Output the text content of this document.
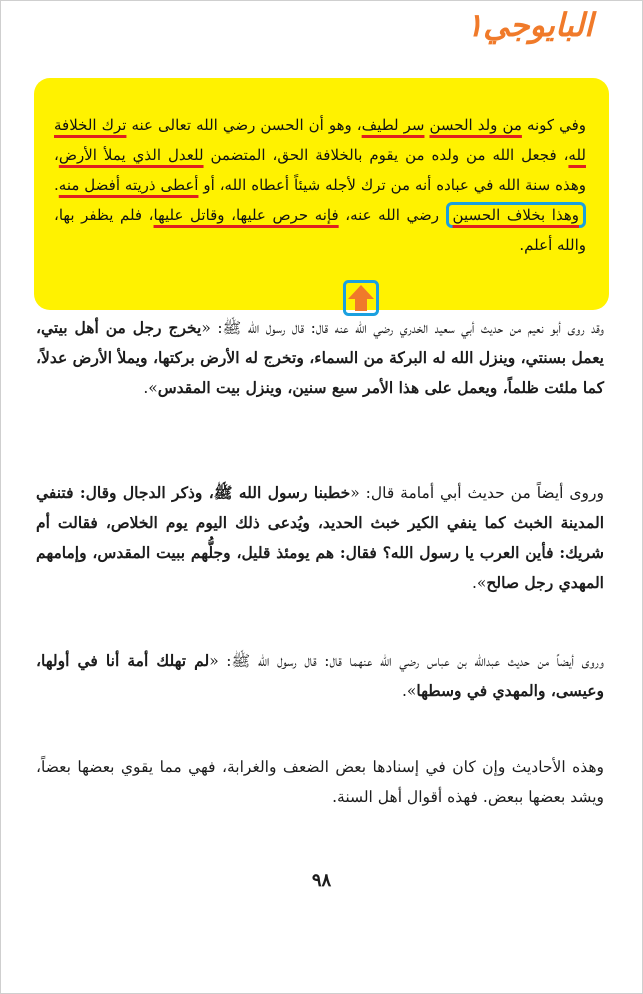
البايوجي١
وفي كونه من ولد الحسن سر لطيف، وهو أن الحسن رضي الله تعالى عنه ترك الخلافة لله، فجعل الله من ولده من يقوم بالخلافة الحق، المتضمن للعدل الذي يملأ الأرض، وهذه سنة الله في عباده أنه من ترك لأجله شيئاً أعطاه الله، أو أعطى ذريته أفضل منه. وهذا بخلاف الحسين رضي الله عنه، فإنه حرص عليها، وقاتل عليها، فلم يظفر بها، والله أعلم.
وقد روى أبو نعيم من حديث أبي سعيد الخدري رضي الله عنه قال: قال رسول الله ﷺ: «يخرج رجل من أهل بيتي، يعمل بسنتي، وينزل الله له البركة من السماء، وتخرج له الأرض بركتها، ويملأ الأرض عدلاً، كما ملئت ظلماً، ويعمل على هذا الأمر سبع سنين، وينزل بيت المقدس».
وروى أيضاً من حديث أبي أمامة قال: «خطبنا رسول الله ﷺ، وذكر الدجال وقال: فتنفي المدينة الخبث كما ينفي الكير خبث الحديد، ويُدعى ذلك اليوم يوم الخلاص، فقالت أم شريك: فأين العرب يا رسول الله؟ فقال: هم يومئذ قليل، وجلُّهم ببيت المقدس، وإمامهم المهدي رجل صالح».
وروى أيضاً من حديث عبدالله بن عباس رضي الله عنهما قال: قال رسول الله ﷺ: «لم تهلك أمة أنا في أولها، وعيسى، والمهدي في وسطها».
وهذه الأحاديث وإن كان في إسنادها بعض الضعف والغرابة، فهي مما يقوي بعضها بعضاً، ويشد بعضها ببعض. فهذه أقوال أهل السنة.
٩٨
